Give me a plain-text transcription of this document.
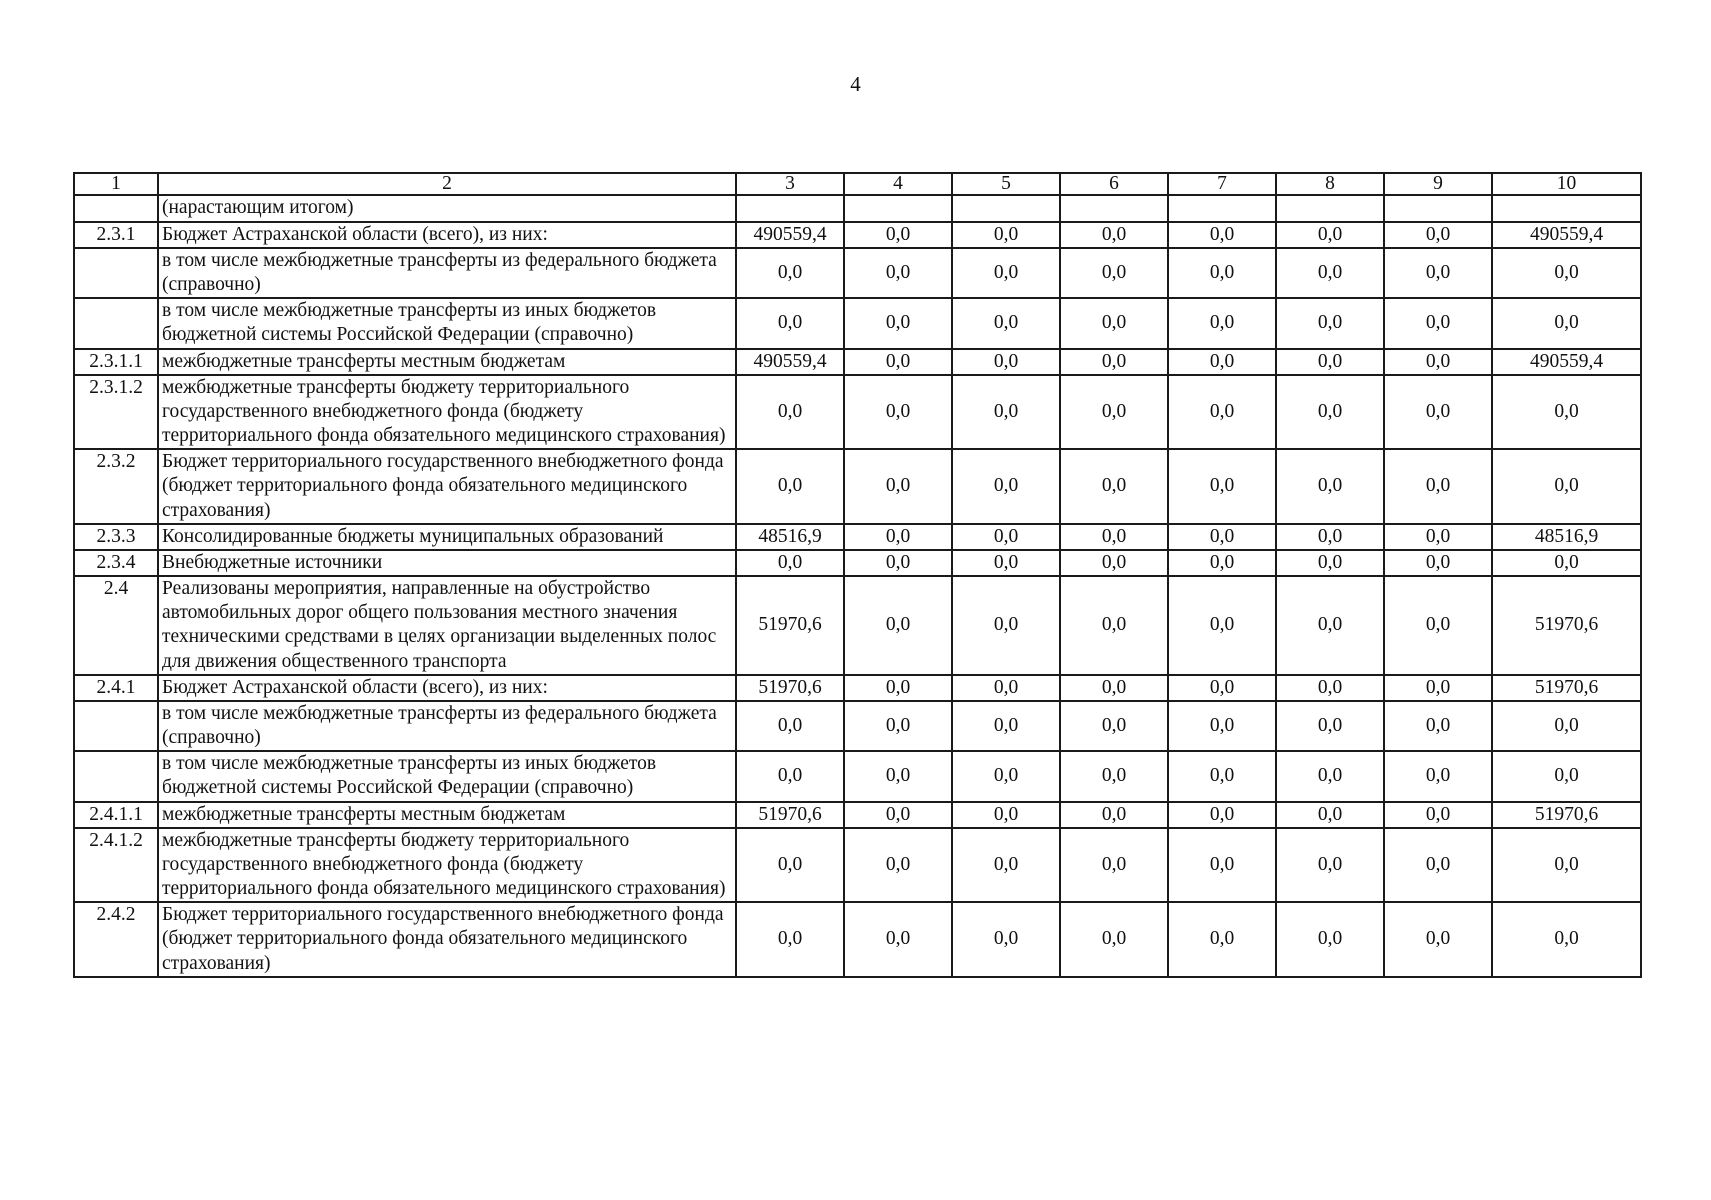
4
1	2	3	4	5	6	7	8	9	10
	(нарастающим итогом)								
2.3.1	Бюджет Астраханской области (всего), из них:	490559,4	0,0	0,0	0,0	0,0	0,0	0,0	490559,4
	в том числе межбюджетные трансферты из федерального бюджета (справочно)	0,0	0,0	0,0	0,0	0,0	0,0	0,0	0,0
	в том числе межбюджетные трансферты из иных бюджетов бюджетной системы Российской Федерации (справочно)	0,0	0,0	0,0	0,0	0,0	0,0	0,0	0,0
2.3.1.1	межбюджетные трансферты местным бюджетам	490559,4	0,0	0,0	0,0	0,0	0,0	0,0	490559,4
2.3.1.2	межбюджетные трансферты бюджету территориального государственного внебюджетного фонда (бюджету территориального фонда обязательного медицинского страхования)	0,0	0,0	0,0	0,0	0,0	0,0	0,0	0,0
2.3.2	Бюджет территориального государственного внебюджетного фонда (бюджет территориального фонда обязательного медицинского страхования)	0,0	0,0	0,0	0,0	0,0	0,0	0,0	0,0
2.3.3	Консолидированные бюджеты муниципальных образований	48516,9	0,0	0,0	0,0	0,0	0,0	0,0	48516,9
2.3.4	Внебюджетные источники	0,0	0,0	0,0	0,0	0,0	0,0	0,0	0,0
2.4	Реализованы мероприятия, направленные на обустройство автомобильных дорог общего пользования местного значения техническими средствами в целях организации выделенных полос для движения общественного транспорта	51970,6	0,0	0,0	0,0	0,0	0,0	0,0	51970,6
2.4.1	Бюджет Астраханской области (всего), из них:	51970,6	0,0	0,0	0,0	0,0	0,0	0,0	51970,6
	в том числе межбюджетные трансферты из федерального бюджета (справочно)	0,0	0,0	0,0	0,0	0,0	0,0	0,0	0,0
	в том числе межбюджетные трансферты из иных бюджетов бюджетной системы Российской Федерации (справочно)	0,0	0,0	0,0	0,0	0,0	0,0	0,0	0,0
2.4.1.1	межбюджетные трансферты местным бюджетам	51970,6	0,0	0,0	0,0	0,0	0,0	0,0	51970,6
2.4.1.2	межбюджетные трансферты бюджету территориального государственного внебюджетного фонда (бюджету территориального фонда обязательного медицинского страхования)	0,0	0,0	0,0	0,0	0,0	0,0	0,0	0,0
2.4.2	Бюджет территориального государственного внебюджетного фонда (бюджет территориального фонда обязательного медицинского страхования)	0,0	0,0	0,0	0,0	0,0	0,0	0,0	0,0
